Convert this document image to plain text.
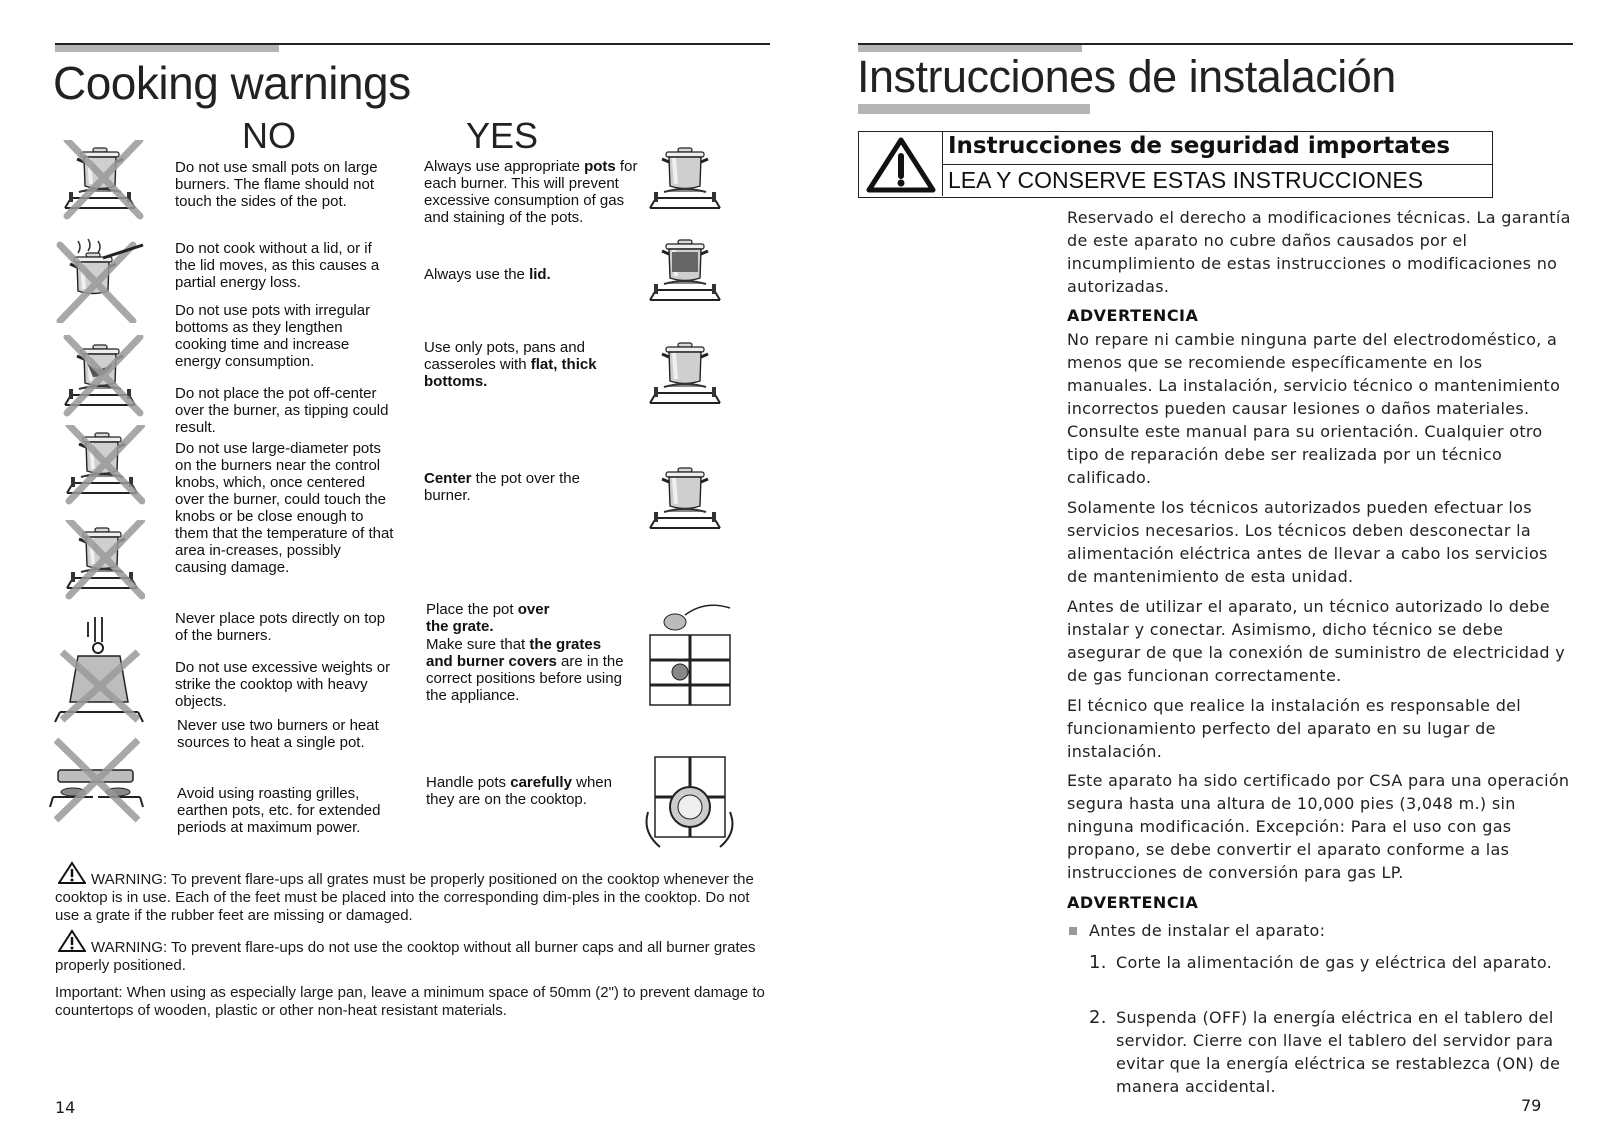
Cooking warnings
NO	YES
Do not use small pots on large burners. The flame should not touch the sides of the pot.
Do not cook without a lid, or if the lid moves, as this causes a partial energy loss.
Do not use pots with irregular bottoms as they lengthen cooking time and increase energy consumption.
Do not place the pot off-center over the burner, as tipping could result.
Do not use large-diameter pots on the burners near the control knobs, which, once centered over the burner, could touch the knobs or be close enough to them that the temperature of that area in-creases, possibly causing damage.
Never place pots directly on top of the burners.
Do not use excessive weights or strike the cooktop with heavy objects.
Never use two burners or heat sources to heat a single pot.
Avoid using roasting grilles, earthen pots, etc. for extended periods at maximum power.
Always use appropriate pots for each burner. This will prevent excessive consumption of gas and staining of the pots.
Always use the lid.
Use only pots, pans and casseroles with flat, thick bottoms.
Center the pot over the burner.
Place the pot over the grate.
Make sure that the grates and burner covers are in the correct positions before using the appliance.
Handle pots carefully when they are on the cooktop.
WARNING: To prevent flare-ups all grates must be properly positioned on the cooktop whenever the cooktop is in use. Each of the feet must be placed into the corresponding dim-ples in the cooktop. Do not use a grate if the rubber feet are missing or damaged.
WARNING: To prevent flare-ups do not use the cooktop without all burner caps and all burner grates properly positioned.
Important: When using as especially large pan, leave a minimum space of 50mm (2") to prevent damage to countertops of wooden, plastic or other non-heat resistant materials.
14
Instrucciones de instalación
Instrucciones de seguridad importates
LEA Y CONSERVE ESTAS INSTRUCCIONES
Reservado el derecho a modificaciones técnicas. La garantía de este aparato no cubre daños causados por el incumplimiento de estas instrucciones o modificaciones no autorizadas.
ADVERTENCIA
No repare ni cambie ninguna parte del electrodoméstico, a menos que se recomiende específicamente en los manuales. La instalación, servicio técnico o mantenimiento incorrectos pueden causar lesiones o daños materiales. Consulte este manual para su orientación. Cualquier otro tipo de reparación debe ser realizada por un técnico calificado.
Solamente los técnicos autorizados pueden efectuar los servicios necesarios. Los técnicos deben desconectar la alimentación eléctrica antes de llevar a cabo los servicios de mantenimiento de esta unidad.
Antes de utilizar el aparato, un técnico autorizado lo debe instalar y conectar. Asimismo, dicho técnico se debe asegurar de que la conexión de suministro de electricidad y de gas funcionan correctamente.
El técnico que realice la instalación es responsable del funcionamiento perfecto del aparato en su lugar de instalación.
Este aparato ha sido certificado por CSA para una operación segura hasta una altura de 10,000 pies (3,048 m.) sin ninguna modificación. Excepción: Para el uso con gas propano, se debe convertir el aparato conforme a las instrucciones de conversión para gas LP.
ADVERTENCIA
Antes de instalar el aparato:
1. Corte la alimentación de gas y eléctrica del aparato.
2. Suspenda (OFF) la energía eléctrica en el tablero del servidor. Cierre con llave el tablero del servidor para evitar que la energía eléctrica se restablezca (ON) de manera accidental.
79
